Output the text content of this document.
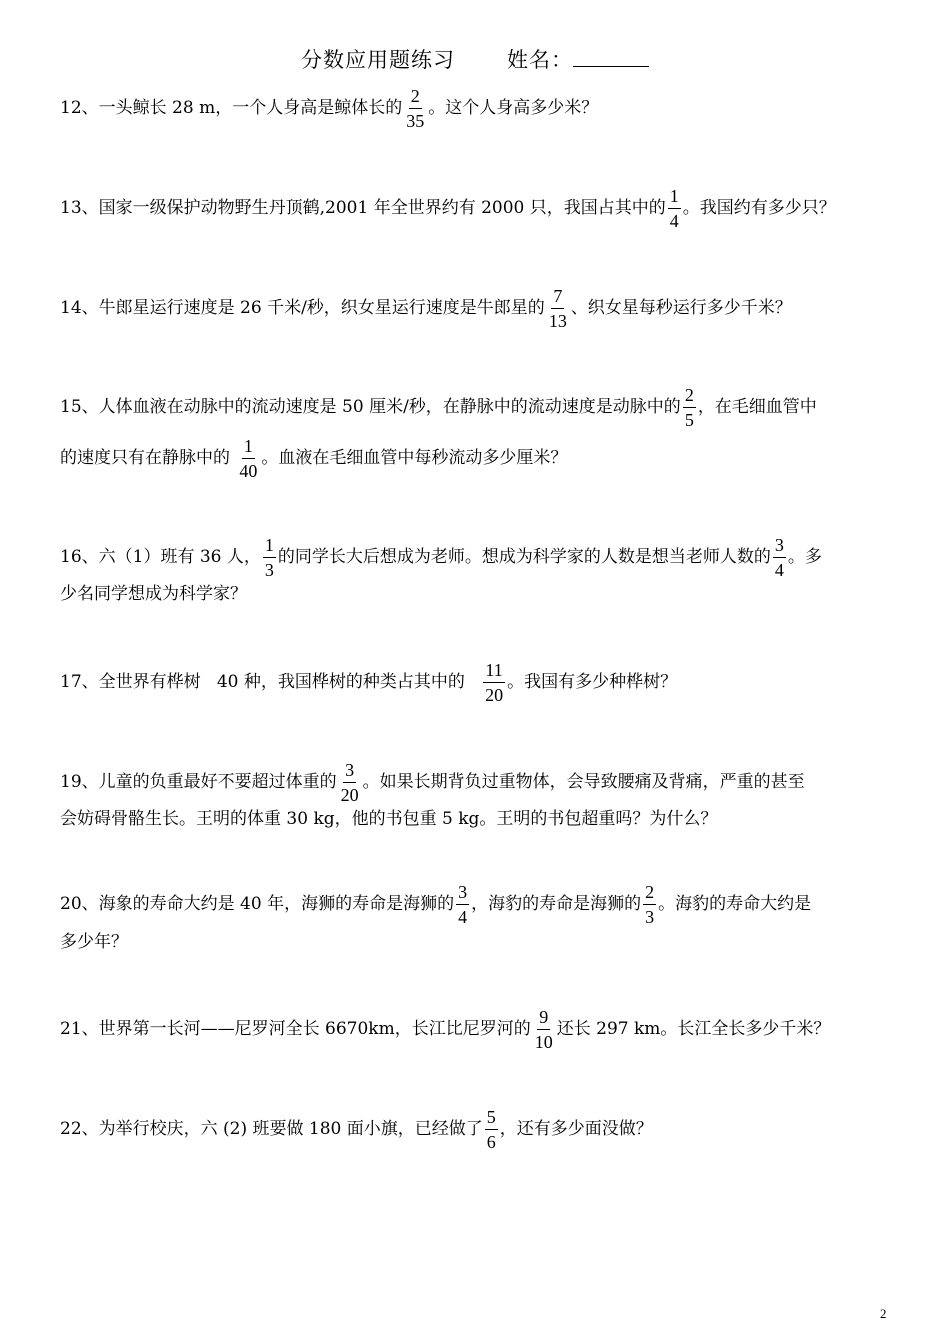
分数应用题练习 姓名：
12、一头鲸长 28 m，一个人身高是鲸体长的 $\frac{2}{35}$ 。这个人身高多少米？
13、国家一级保护动物野生丹顶鹤,2001 年全世界约有 2000 只，我国占其中的 $\frac{1}{4}$ 。我国约有多少只？
14、牛郎星运行速度是 26 千米/秒，织女星运行速度是牛郎星的 $\frac{7}{13}$ 、织女星每秒运行多少千米？
15、人体血液在动脉中的流动速度是 50 厘米/秒，在静脉中的流动速度是动脉中的 $\frac{2}{5}$ ，在毛细血管中
的速度只有在静脉中的 $\frac{1}{40}$ 。血液在毛细血管中每秒流动多少厘米？
16、六（1）班有 36 人， $\frac{1}{3}$ 的同学长大后想成为老师。想成为科学家的人数是想当老师人数的 $\frac{3}{4}$ 。多
少名同学想成为科学家？
17、全世界有桦树   40 种，我国桦树的种类占其中的 $\frac{11}{20}$ 。我国有多少种桦树？
19、儿童的负重最好不要超过体重的 $\frac{3}{20}$ 。如果长期背负过重物体，会导致腰痛及背痛，严重的甚至
会妨碍骨骼生长。王明的体重 30 kg，他的书包重 5 kg。王明的书包超重吗？为什么？
20、海象的寿命大约是 40 年，海狮的寿命是海狮的 $\frac{3}{4}$ ，海豹的寿命是海狮的 $\frac{2}{3}$ 。海豹的寿命大约是
多少年？
21、世界第一长河——尼罗河全长 6670km，长江比尼罗河的 $\frac{9}{10}$ 还长 297 km。长江全长多少千米？
22、为举行校庆，六 (2) 班要做 180 面小旗，已经做了 $\frac{5}{6}$ ，还有多少面没做？
2
